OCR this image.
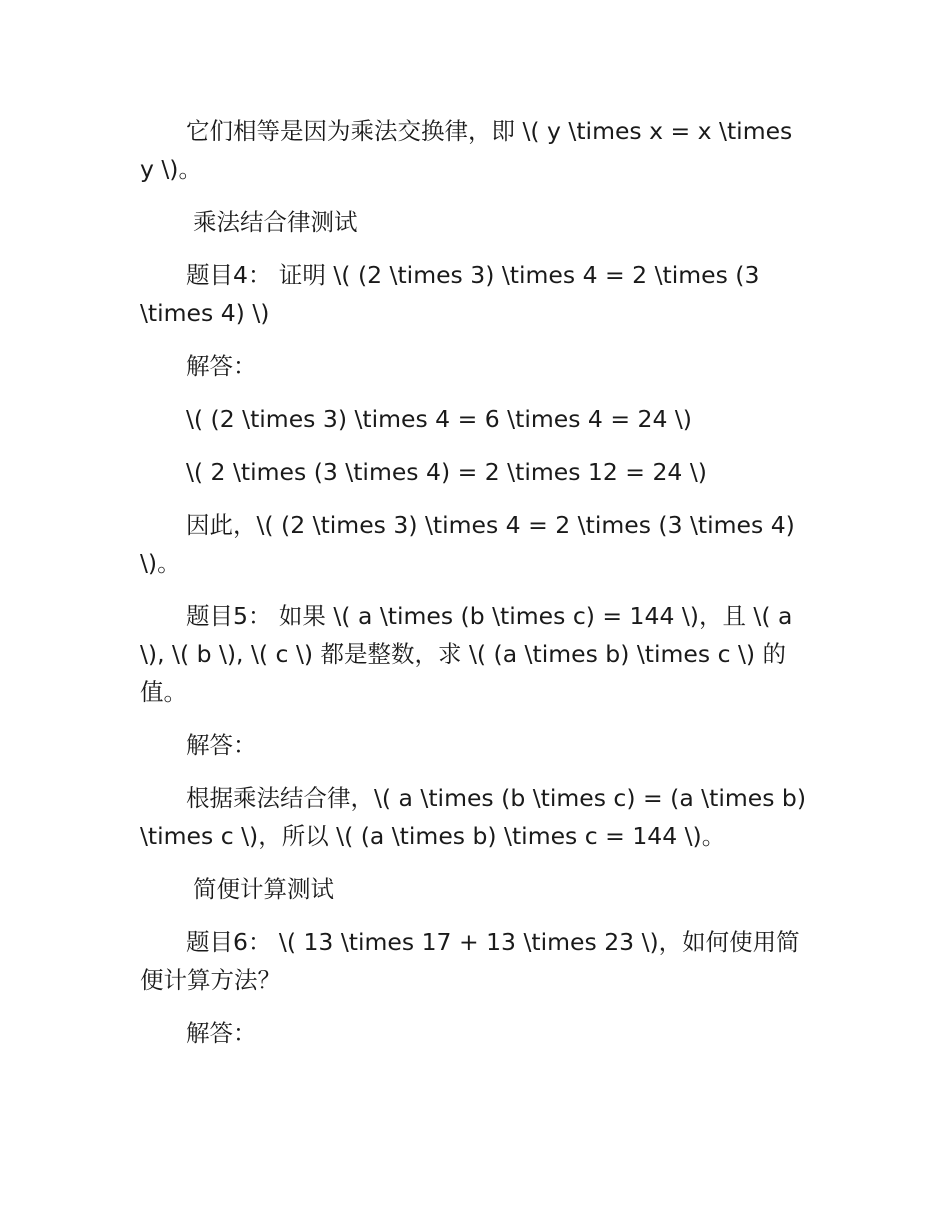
它们相等是因为乘法交换律，即 \( y \times x = x \times y \)。

乘法结合律测试

题目4： 证明 \( (2 \times 3) \times 4 = 2 \times (3 \times 4) \)

解答：

\( (2 \times 3) \times 4 = 6 \times 4 = 24 \)

\( 2 \times (3 \times 4) = 2 \times 12 = 24 \)

因此，\( (2 \times 3) \times 4 = 2 \times (3 \times 4) \)。

题目5： 如果 \( a \times (b \times c) = 144 \)，且 \( a \), \( b \), \( c \) 都是整数，求 \( (a \times b) \times c \) 的值。

解答：

根据乘法结合律，\( a \times (b \times c) = (a \times b) \times c \)，所以 \( (a \times b) \times c = 144 \)。

简便计算测试

题目6： \( 13 \times 17 + 13 \times 23 \)，如何使用简便计算方法？

解答：
